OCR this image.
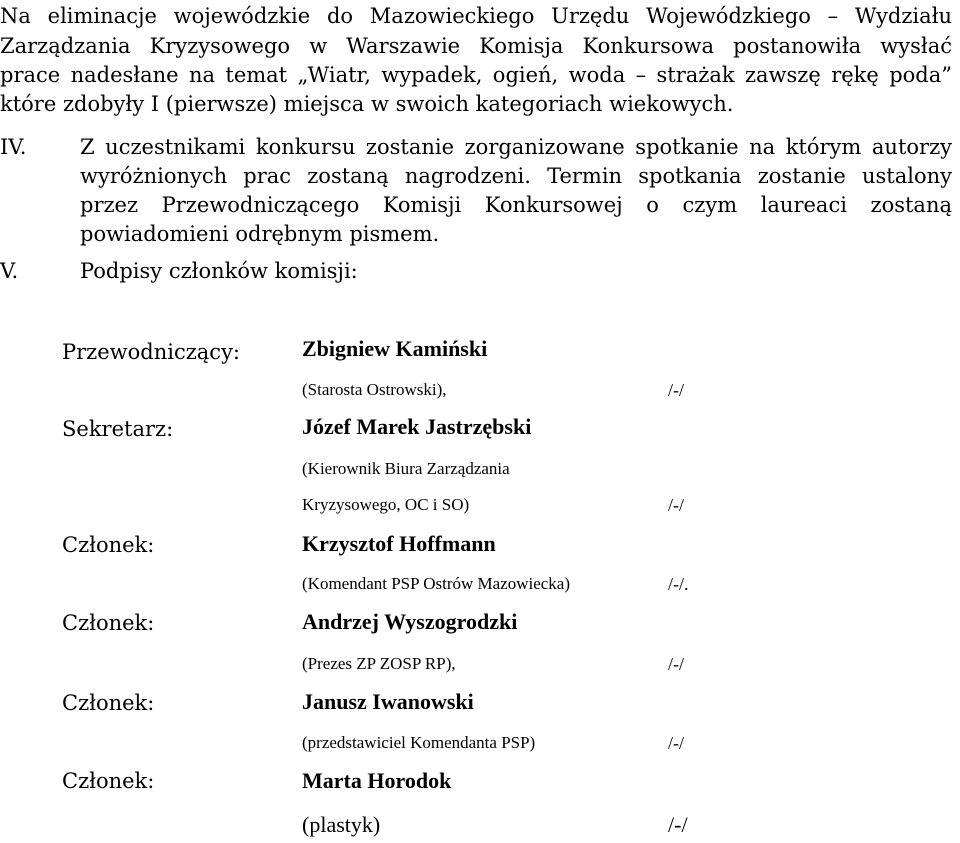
Na eliminacje wojewódzkie do Mazowieckiego Urzędu Wojewódzkiego – Wydziału
Zarządzania Kryzysowego w Warszawie Komisja Konkursowa postanowiła wysłać
prace nadesłane na temat „Wiatr, wypadek, ogień, woda – strażak zawszę rękę poda”
które zdobyły I (pierwsze) miejsca w swoich kategoriach wiekowych.
IV.	Z uczestnikami konkursu zostanie zorganizowane spotkanie na którym autorzy
wyróżnionych prac zostaną nagrodzeni. Termin spotkania zostanie ustalony
przez Przewodniczącego Komisji Konkursowej o czym laureaci zostaną
powiadomieni odrębnym pismem.
V.	Podpisy członków komisji:
Przewodniczący:	Zbigniew Kamiński
(Starosta Ostrowski),	/-/
Sekretarz:	Józef Marek Jastrzębski
(Kierownik Biura Zarządzania
Kryzysowego, OC i SO)	/-/
Członek:	Krzysztof Hoffmann
(Komendant PSP Ostrów Mazowiecka)	/-/.
Członek:	Andrzej Wyszogrodzki
(Prezes ZP ZOSP RP),	/-/
Członek:	Janusz Iwanowski
(przedstawiciel Komendanta PSP)	/-/
Członek:	Marta Horodok
(plastyk)	/-/
